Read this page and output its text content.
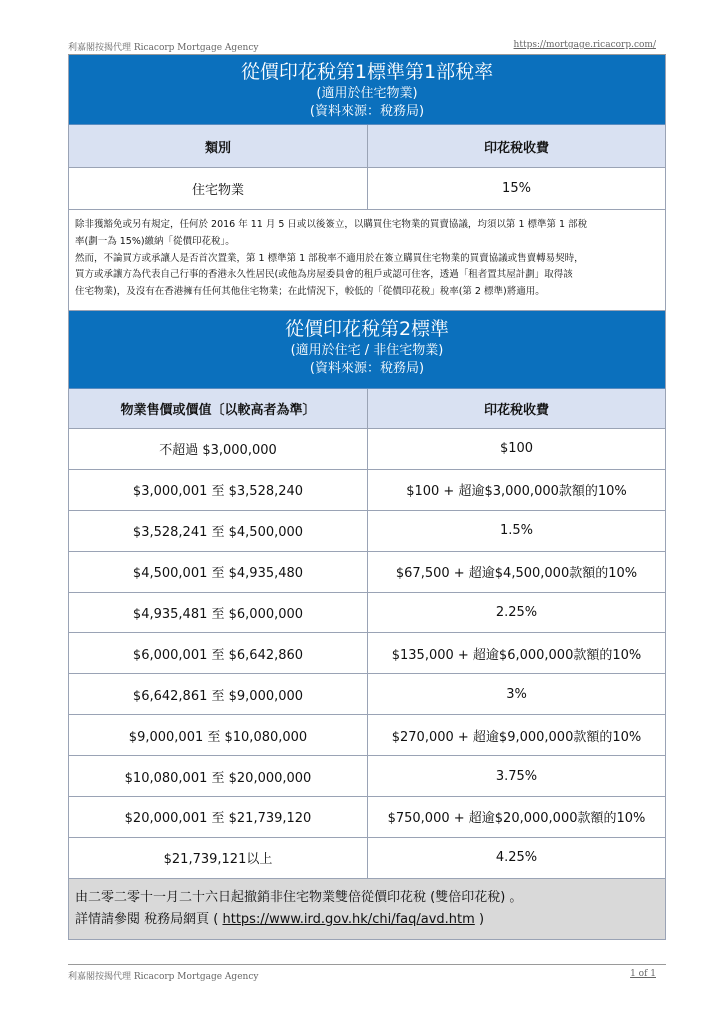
利嘉閣按揭代理 Ricacorp Mortgage Agency	https://mortgage.ricacorp.com/
從價印花稅第1標準第1部稅率
(適用於住宅物業)
(資料來源：稅務局)
類別	印花稅收費
住宅物業	15%
除非獲豁免或另有規定，任何於 2016 年 11 月 5 日或以後簽立，以購買住宅物業的買賣協議，均須以第 1 標準第 1 部稅
率(劃一為 15%)繳納「從價印花稅」。
然而，不論買方或承讓人是否首次置業，第 1 標準第 1 部稅率不適用於在簽立購買住宅物業的買賣協議或售賣轉易契時，
買方或承讓方為代表自己行事的香港永久性居民(或他為房屋委員會的租戶或認可住客，透過「租者置其屋計劃」取得該
住宅物業)，及沒有在香港擁有任何其他住宅物業；在此情況下，較低的「從價印花稅」稅率(第 2 標準)將適用。
從價印花稅第2標準
(適用於住宅 / 非住宅物業)
(資料來源：稅務局)
物業售價或價值〔以較高者為準〕	印花稅收費
不超過 $3,000,000	$100
$3,000,001 至 $3,528,240	$100 + 超逾$3,000,000款額的10%
$3,528,241 至 $4,500,000	1.5%
$4,500,001 至 $4,935,480	$67,500 + 超逾$4,500,000款額的10%
$4,935,481 至 $6,000,000	2.25%
$6,000,001 至 $6,642,860	$135,000 + 超逾$6,000,000款額的10%
$6,642,861 至 $9,000,000	3%
$9,000,001 至 $10,080,000	$270,000 + 超逾$9,000,000款額的10%
$10,080,001 至 $20,000,000	3.75%
$20,000,001 至 $21,739,120	$750,000 + 超逾$20,000,000款額的10%
$21,739,121以上	4.25%
由二零二零十一月二十六日起撤銷非住宅物業雙倍從價印花稅 (雙倍印花稅) 。
詳情請參閱 稅務局網頁 ( https://www.ird.gov.hk/chi/faq/avd.htm )
利嘉閣按揭代理 Ricacorp Mortgage Agency	1 of 1
